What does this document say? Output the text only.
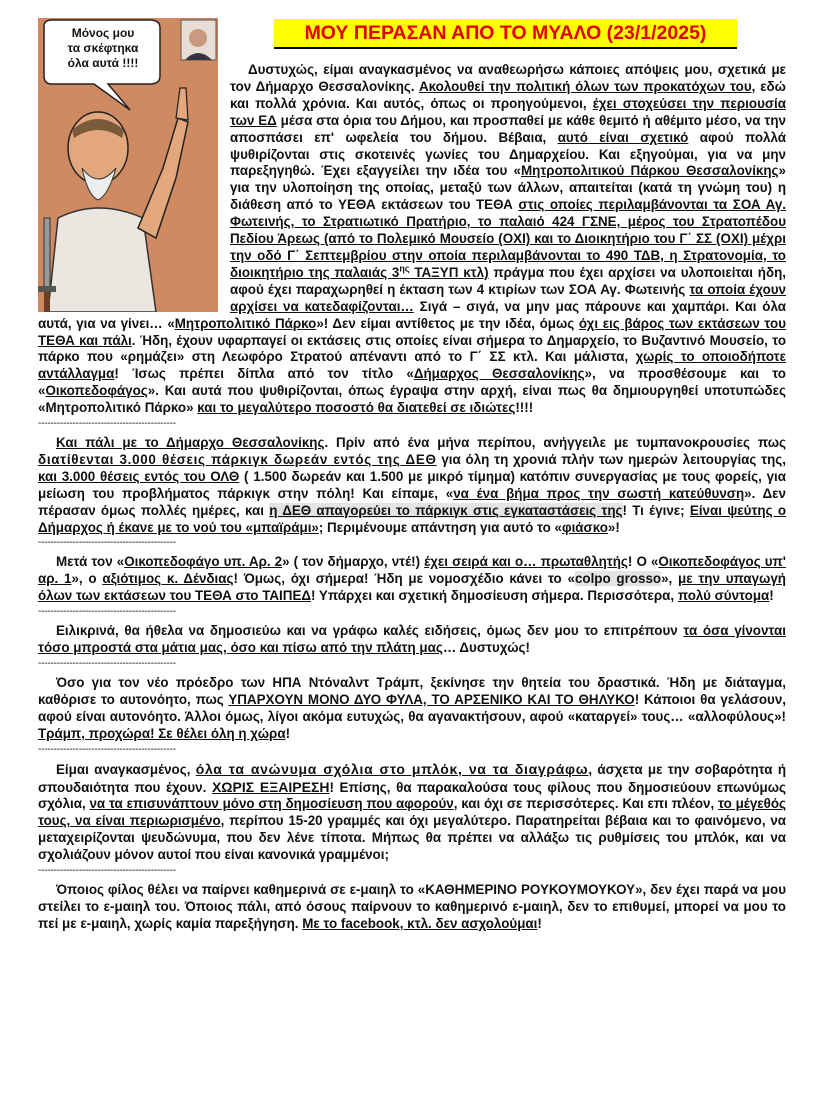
Μόνος μου
τα σκέφτηκα
όλα αυτά !!!!
ΜΟΥ ΠΕΡΑΣΑΝ ΑΠΟ ΤΟ ΜΥΑΛΟ (23/1/2025)

Δυστυχώς, είμαι αναγκασμένος να αναθεωρήσω κάποιες απόψεις μου, σχετικά με τον Δήμαρχο Θεσσαλονίκης. Ακολουθεί την πολιτική όλων των προκατόχων του, εδώ και πολλά χρόνια. Και αυτός, όπως οι προηγούμενοι, έχει στοχεύσει την περιουσία των ΕΔ μέσα στα όρια του Δήμου, και προσπαθεί με κάθε θεμιτό ή αθέμιτο μέσο, να την αποσπάσει επ' ωφελεία του δήμου. Βέβαια, αυτό είναι σχετικό αφού πολλά ψυθιρίζονται στις σκοτεινές γωνίες του Δημαρχείου. Και εξηγούμαι, για να μην παρεξηγηθώ. Έχει εξαγγείλει την ιδέα του «Μητροπολιτικού Πάρκου Θεσσαλονίκης» για την υλοποίηση της οποίας, μεταξύ των άλλων, απαιτείται (κατά τη γνώμη του) η διάθεση από το ΥΕΘΑ εκτάσεων του ΤΕΘΑ στις οποίες περιλαμβάνονται τα ΣΟΑ Αγ. Φωτεινής, το Στρατιωτικό Πρατήριο, το παλαιό 424 ΓΣΝΕ, μέρος του Στρατοπέδου Πεδίου Άρεως (από το Πολεμικό Μουσείο (ΟΧΙ) και το Διοικητήριο του Γ΄ ΣΣ (ΟΧΙ) μέχρι την οδό Γ΄ Σεπτεμβρίου στην οποία περιλαμβάνονται το 490 ΤΔΒ, η Στρατονομία, το διοικητήριο της παλαιάς $3^{\eta\varsigma}$ ΤΑΞΥΠ κτλ) πράγμα που έχει αρχίσει να υλοποιείται ήδη, αφού έχει παραχωρηθεί η έκταση των 4 κτιρίων των ΣΟΑ Αγ. Φωτεινής τα οποία έχουν αρχίσει να κατεδαφίζονται… Σιγά – σιγά, να μην μας πάρουνε και χαμπάρι. Και όλα αυτά, για να γίνει… «Μητροπολιτικό Πάρκο»! Δεν είμαι αντίθετος με την ιδέα, όμως όχι εις βάρος των εκτάσεων του ΤΕΘΑ και πάλι. Ήδη, έχουν υφαρπαγεί οι εκτάσεις στις οποίες είναι σήμερα το Δημαρχείο, το Βυζαντινό Μουσείο, το πάρκο που «ρημάζει» στη Λεωφόρο Στρατού απέναντι από το Γ΄ ΣΣ κτλ. Και μάλιστα, χωρίς το οποιοδήποτε αντάλλαγμα! Ίσως πρέπει δίπλα από τον τίτλο «Δήμαρχος Θεσσαλονίκης», να προσθέσουμε και το «Οικοπεδοφάγος». Και αυτά που ψυθιρίζονται, όπως έγραψα στην αρχή, είναι πως θα δημιουργηθεί υποτυπώδες «Μητροπολιτικό Πάρκο» και το μεγαλύτερο ποσοστό θα διατεθεί σε ιδιώτες!!!!

--------------------------------------------

Και πάλι με το Δήμαρχο Θεσσαλονίκης. Πρίν από ένα μήνα περίπου, ανήγγειλε με τυμπανοκρουσίες πως διατίθενται 3.000 θέσεις πάρκιγκ δωρεάν εντός της ΔΕΘ για όλη τη χρονιά πλήν των ημερών λειτουργίας της, και 3.000 θέσεις εντός του ΟΛΘ ( 1.500 δωρεάν και 1.500 με μικρό τίμημα) κατόπιν συνεργασίας με τους φορείς, για μείωση του προβλήματος πάρκιγκ στην πόλη! Και είπαμε, «να ένα βήμα προς την σωστή κατεύθυνση». Δεν πέρασαν όμως πολλές ημέρες, και η ΔΕΘ απαγορεύει το πάρκιγκ στις εγκαταστάσεις της! Τι έγινε; Είναι ψεύτης ο Δήμαρχος ή έκανε με το νού του «μπαϊράμι»; Περιμένουμε απάντηση για αυτό το «φιάσκο»!

--------------------------------------------

Μετά τον «Οικοπεδοφάγο υπ. Αρ. 2» ( τον δήμαρχο, ντέ!) έχει σειρά και ο… πρωταθλητής! Ο «Οικοπεδοφάγος υπ' αρ. 1», ο αξιότιμος κ. Δένδιας! Όμως, όχι σήμερα! Ήδη με νομοσχέδιο κάνει το «colpo grosso», με την υπαγωγή όλων των εκτάσεων του ΤΕΘΑ στο ΤΑΙΠΕΔ! Υπάρχει και σχετική δημοσίευση σήμερα. Περισσότερα, πολύ σύντομα!

--------------------------------------------

Ειλικρινά, θα ήθελα να δημοσιεύω και να γράφω καλές ειδήσεις, όμως δεν μου το επιτρέπουν τα όσα γίνονται τόσο μπροστά στα μάτια μας, όσο και πίσω από την πλάτη μας… Δυστυχώς!

--------------------------------------------

Όσο για τον νέο πρόεδρο των ΗΠΑ Ντόναλντ Τράμπ, ξεκίνησε την θητεία του δραστικά. Ήδη με διάταγμα, καθόρισε το αυτονόητο, πως ΥΠΑΡΧΟΥΝ ΜΟΝΟ ΔΥΟ ΦΥΛΑ, ΤΟ ΑΡΣΕΝΙΚΟ ΚΑΙ ΤΟ ΘΗΛΥΚΟ! Κάποιοι θα γελάσουν, αφού είναι αυτονόητο. Άλλοι όμως, λίγοι ακόμα ευτυχώς, θα αγανακτήσουν, αφού «καταργεί» τους… «αλλοφύλους»! Τράμπ, προχώρα! Σε θέλει όλη η χώρα!

--------------------------------------------

Είμαι αναγκασμένος, όλα τα ανώνυμα σχόλια στο μπλόκ, να τα διαγράφω, άσχετα με την σοβαρότητα ή σπουδαιότητα που έχουν. ΧΩΡΙΣ ΕΞΑΙΡΕΣΗ! Επίσης, θα παρακαλούσα τους φίλους που δημοσιεύουν επωνύμως σχόλια, να τα επισυνάπτουν μόνο στη δημοσίευση που αφορούν, και όχι σε περισσότερες. Και επι πλέον, το μέγεθός τους, να είναι περιωρισμένο, περίπου 15-20 γραμμές και όχι μεγαλύτερο. Παρατηρείται βέβαια και το φαινόμενο, να μεταχειρίζονται ψευδώνυμα, που δεν λένε τίποτα. Μήπως θα πρέπει να αλλάξω τις ρυθμίσεις του μπλόκ, και να σχολιάζουν μόνον αυτοί που είναι κανονικά γραμμένοι;

--------------------------------------------

Όποιος φίλος θέλει να παίρνει καθημερινά σε ε-μαιηλ το «ΚΑΘΗΜΕΡΙΝΟ ΡΟΥΚΟΥΜΟΥΚΟΥ», δεν έχει παρά να μου στείλει το ε-μαιηλ του. Όποιος πάλι, από όσους παίρνουν το καθημερινό ε-μαιηλ, δεν το επιθυμεί, μπορεί να μου το πεί με ε-μαιηλ, χωρίς καμία παρεξήγηση. Με το facebook, κτλ. δεν ασχολούμαι!
